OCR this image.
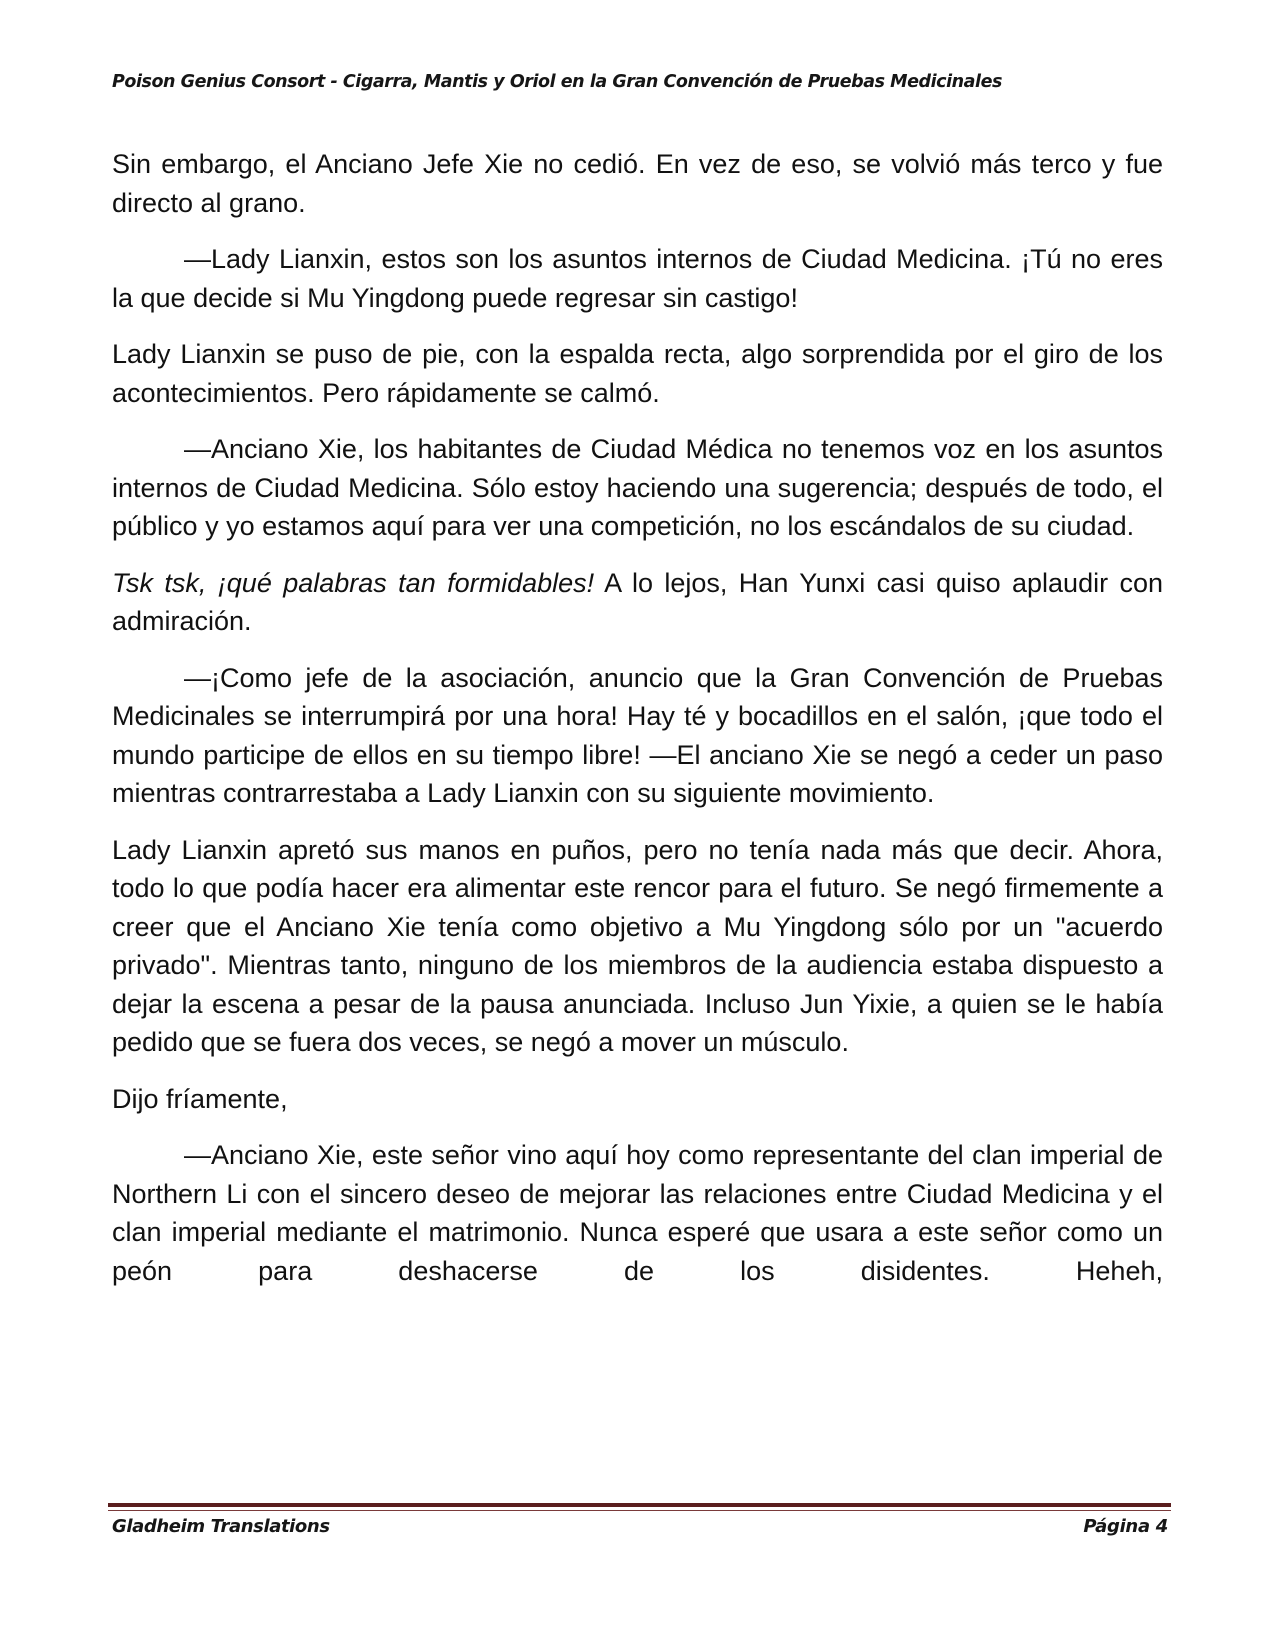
Poison Genius Consort - Cigarra, Mantis y Oriol en la Gran Convención de Pruebas Medicinales

Sin embargo, el Anciano Jefe Xie no cedió. En vez de eso, se volvió más terco y fue directo al grano.

—Lady Lianxin, estos son los asuntos internos de Ciudad Medicina. ¡Tú no eres la que decide si Mu Yingdong puede regresar sin castigo!

Lady Lianxin se puso de pie, con la espalda recta, algo sorprendida por el giro de los acontecimientos. Pero rápidamente se calmó.

—Anciano Xie, los habitantes de Ciudad Médica no tenemos voz en los asuntos internos de Ciudad Medicina. Sólo estoy haciendo una sugerencia; después de todo, el público y yo estamos aquí para ver una competición, no los escándalos de su ciudad.

Tsk tsk, ¡qué palabras tan formidables! A lo lejos, Han Yunxi casi quiso aplaudir con admiración.

—¡Como jefe de la asociación, anuncio que la Gran Convención de Pruebas Medicinales se interrumpirá por una hora! Hay té y bocadillos en el salón, ¡que todo el mundo participe de ellos en su tiempo libre! —El anciano Xie se negó a ceder un paso mientras contrarrestaba a Lady Lianxin con su siguiente movimiento.

Lady Lianxin apretó sus manos en puños, pero no tenía nada más que decir. Ahora, todo lo que podía hacer era alimentar este rencor para el futuro. Se negó firmemente a creer que el Anciano Xie tenía como objetivo a Mu Yingdong sólo por un "acuerdo privado". Mientras tanto, ninguno de los miembros de la audiencia estaba dispuesto a dejar la escena a pesar de la pausa anunciada. Incluso Jun Yixie, a quien se le había pedido que se fuera dos veces, se negó a mover un músculo.

Dijo fríamente,

—Anciano Xie, este señor vino aquí hoy como representante del clan imperial de Northern Li con el sincero deseo de mejorar las relaciones entre Ciudad Medicina y el clan imperial mediante el matrimonio. Nunca esperé que usara a este señor como un peón para deshacerse de los disidentes. Heheh,

Gladheim Translations	Página 4
